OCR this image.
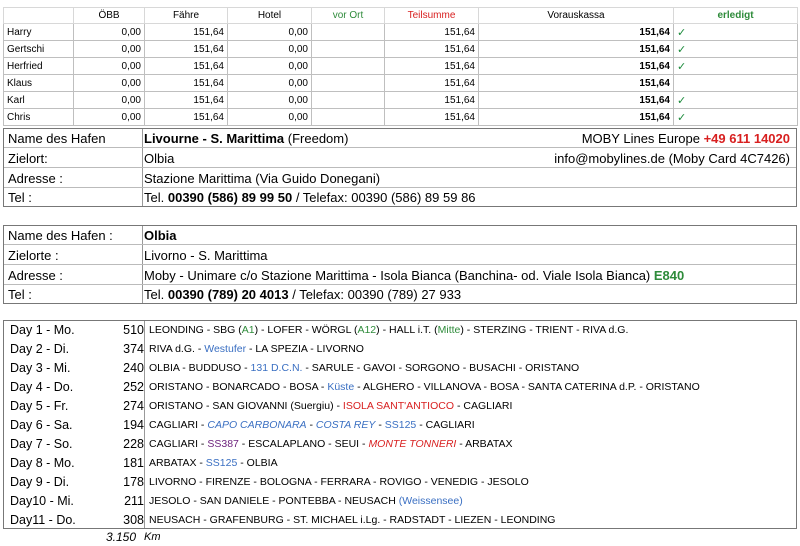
	ÖBB	Fähre	Hotel	vor Ort	Teilsumme	Vorauskassa	erledigt
Harry	0,00	151,64	0,00		151,64	151,64	✓
Gertschi	0,00	151,64	0,00		151,64	151,64	✓
Herfried	0,00	151,64	0,00		151,64	151,64	✓
Klaus	0,00	151,64	0,00		151,64	151,64	
Karl	0,00	151,64	0,00		151,64	151,64	✓
Chris	0,00	151,64	0,00		151,64	151,64	✓
Name des Hafen	Livourne - S. Marittima (Freedom)	MOBY Lines Europe +49 611 14020
Zielort:	Olbia	info@mobylines.de (Moby Card 4C7426)
Adresse :	Stazione Marittima (Via Guido Donegani)
Tel :	Tel. 00390 (586) 89 99 50 / Telefax: 00390 (586) 89 59 86
Name des Hafen : Olbia
Zielorte :	Livorno - S. Marittima
Adresse :	Moby - Unimare c/o Stazione Marittima - Isola Bianca (Banchina- od. Viale Isola Bianca) E840
Tel :	Tel. 00390 (789) 20 4013 / Telefax: 00390 (789) 27 933
Day 1 - Mo.	510 LEONDING - SBG (A1) - LOFER - WÖRGL (A12) - HALL i.T. (Mitte) - STERZING - TRIENT - RIVA d.G.
Day 2 - Di.	374 RIVA d.G. - Westufer - LA SPEZIA - LIVORNO
Day 3 - Mi.	240 OLBIA - BUDDUSO - 131 D.C.N. - SARULE - GAVOI - SORGONO - BUSACHI - ORISTANO
Day 4 - Do.	252 ORISTANO - BONARCADO - BOSA - Küste - ALGHERO - VILLANOVA - BOSA - SANTA CATERINA d.P. - ORISTANO
Day 5 - Fr.	274 ORISTANO - SAN GIOVANNI (Suergiu) - ISOLA SANT'ANTIOCO - CAGLIARI
Day 6 - Sa.	194 CAGLIARI - CAPO CARBONARA - COSTA REY - SS125 - CAGLIARI
Day 7 - So.	228 CAGLIARI - SS387 - ESCALAPLANO - SEUI - MONTE TONNERI - ARBATAX
Day 8 - Mo.	181 ARBATAX - SS125 - OLBIA
Day 9 - Di.	178 LIVORNO - FIRENZE - BOLOGNA - FERRARA - ROVIGO - VENEDIG - JESOLO
Day10 - Mi.	211 JESOLO - SAN DANIELE - PONTEBBA - NEUSACH (Weissensee)
Day11 - Do.	308 NEUSACH - GRAFENBURG - ST. MICHAEL i.Lg. - RADSTADT - LIEZEN - LEONDING
3.150 Km
